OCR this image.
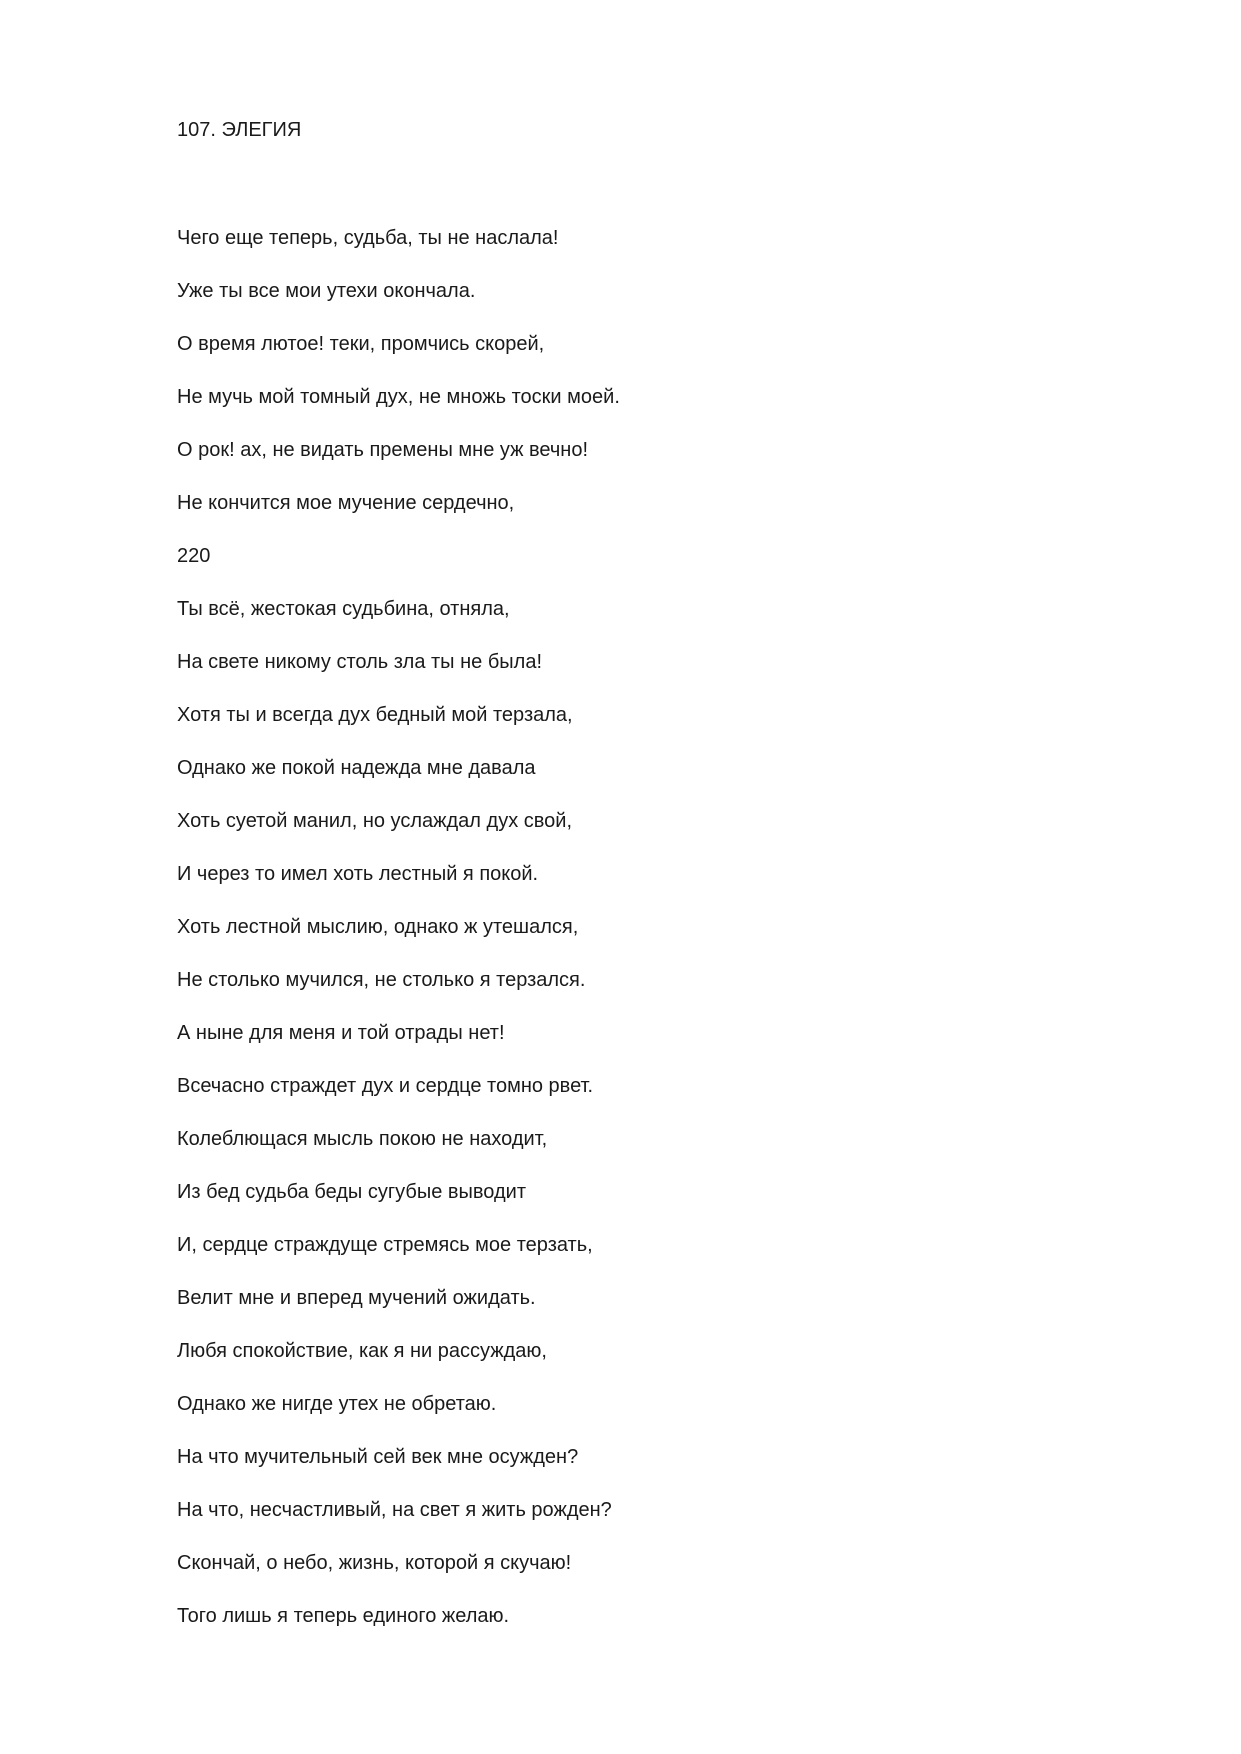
107. ЭЛЕГИЯ
Чего еще теперь, судьба, ты не наслала!
Уже ты все мои утехи окончала.
О время лютое! теки, промчись скорей,
Не мучь мой томный дух, не множь тоски моей.
О рок! ах, не видать премены мне уж вечно!
Не кончится мое мучение сердечно,
220
Ты всё, жестокая судьбина, отняла,
На свете никому столь зла ты не была!
Хотя ты и всегда дух бедный мой терзала,
Однако же покой надежда мне давала
Хоть суетой манил, но услаждал дух свой,
И через то имел хоть лестный я покой.
Хоть лестной мыслию, однако ж утешался,
Не столько мучился, не столько я терзался.
А ныне для меня и той отрады нет!
Всечасно страждет дух и сердце томно рвет.
Колеблющася мысль покою не находит,
Из бед судьба беды сугубые выводит
И, сердце страждуще стремясь мое терзать,
Велит мне и вперед мучений ожидать.
Любя спокойствие, как я ни рассуждаю,
Однако же нигде утех не обретаю.
На что мучительный сей век мне осужден?
На что, несчастливый, на свет я жить рожден?
Скончай, о небо, жизнь, которой я скучаю!
Того лишь я теперь единого желаю.
